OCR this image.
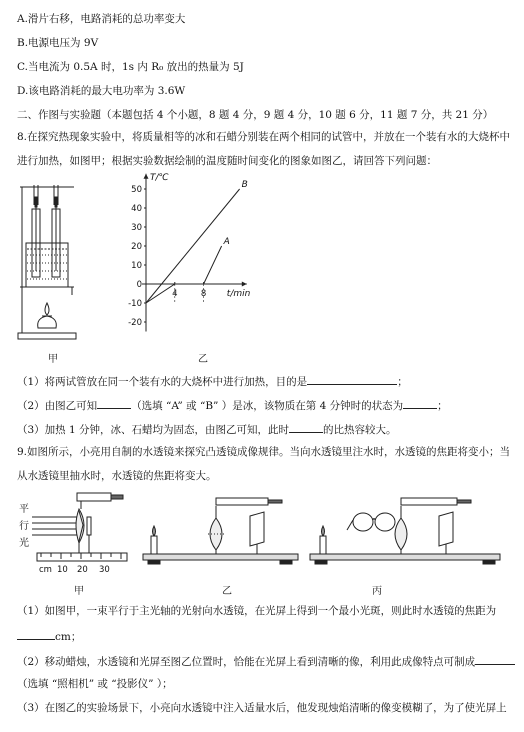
A.滑片右移，电路消耗的总功率变大
B.电源电压为 9V
C.当电流为 0.5A 时，1s 内 R₀ 放出的热量为 5J
D.该电路消耗的最大电功率为 3.6W
二、作图与实验题（本题包括 4 个小题，8 题 4 分，9 题 4 分，10 题 6 分，11 题 7 分，共 21 分）
8.在探究热现象实验中，将质量相等的冰和石蜡分别装在两个相同的试管中，并放在一个装有水的大烧杯中
进行加热，如图甲；根据实验数据绘制的温度随时间变化的图象如图乙，请回答下列问题：
甲
T/℃
t/min
50
40
30
20
10
0
-10
-20
4	8
B
A
乙
（1）将两试管放在同一个装有水的大烧杯中进行加热，目的是	；
（2）由图乙可知	（选填 “A” 或 “B” ）是冰，该物质在第 4 分钟时的状态为	；
（3）加热 1 分钟，冰、石蜡均为固态，由图乙可知，此时	的比热容较大。
9.如图所示，小亮用自制的水透镜来探究凸透镜成像规律。当向水透镜里注水时，水透镜的焦距将变小；当
从水透镜里抽水时，水透镜的焦距将变大。
平
行
光
cm 10 20 30
甲	乙	丙
（1）如图甲，一束平行于主光轴的光射向水透镜，在光屏上得到一个最小光斑，则此时水透镜的焦距为
cm；
（2）移动蜡烛，水透镜和光屏至图乙位置时，恰能在光屏上看到清晰的像，利用此成像特点可制成
（选填 “照相机” 或 “投影仪” ）；
（3）在图乙的实验场景下，小亮向水透镜中注入适量水后，他发现烛焰清晰的像变模糊了，为了使光屏上
